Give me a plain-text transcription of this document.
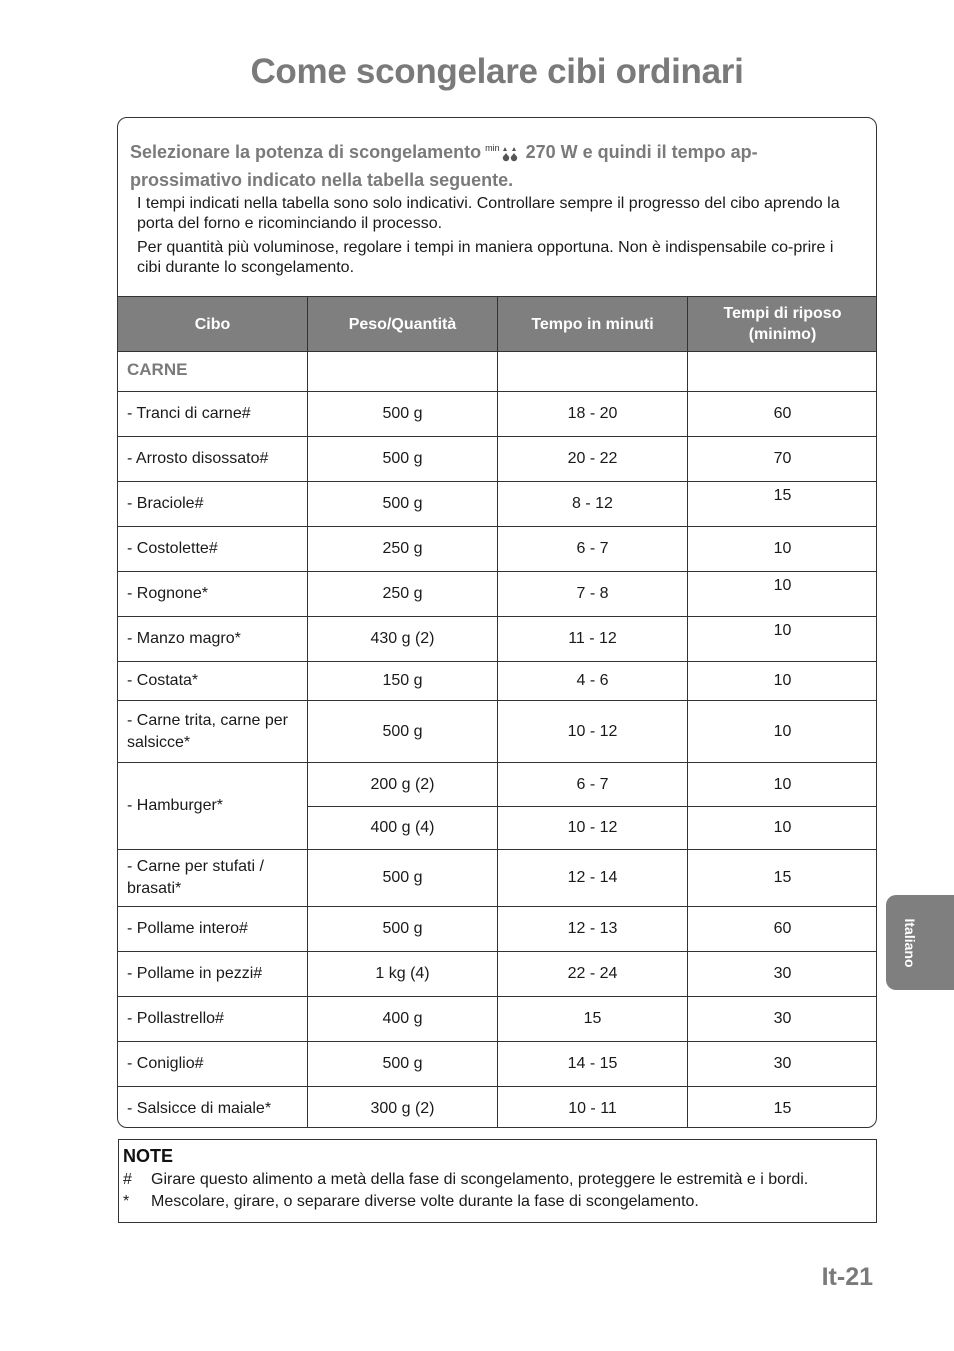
Come scongelare cibi ordinari
Selezionare la potenza di scongelamento $^{min}$ 270 W e quindi il tempo ap-
prossimativo indicato nella tabella seguente.
I tempi indicati nella tabella sono solo indicativi. Controllare sempre il progresso del cibo aprendo la porta del forno e ricominciando il processo.
Per quantità più voluminose, regolare i tempi in maniera opportuna. Non è indispensabile co-prire i cibi durante lo scongelamento.
Cibo	Peso/Quantità	Tempo in minuti	Tempi di riposo (minimo)
CARNE			
- Tranci di carne#	500 g	18 - 20	60
- Arrosto disossato#	500 g	20 - 22	70
- Braciole#	500 g	8 - 12	15
- Costolette#	250 g	6 - 7	10
- Rognone*	250 g	7 - 8	10
- Manzo magro*	430 g (2)	11 - 12	10
- Costata*	150 g	4 - 6	10
- Carne trita, carne per salsicce*	500 g	10 - 12	10
- Hamburger*	200 g (2)	6 - 7	10
	400 g (4)	10 - 12	10
- Carne per stufati / brasati*	500 g	12 - 14	15
- Pollame intero#	500 g	12 - 13	60
- Pollame in pezzi#	1 kg (4)	22 - 24	30
- Pollastrello#	400 g	15	30
- Coniglio#	500 g	14 - 15	30
- Salsicce di maiale*	300 g (2)	10 - 11	15
NOTE
# Girare questo alimento a metà della fase di scongelamento, proteggere le estremità e i bordi.
* Mescolare, girare, o separare diverse volte durante la fase di scongelamento.
Italiano
It-21
